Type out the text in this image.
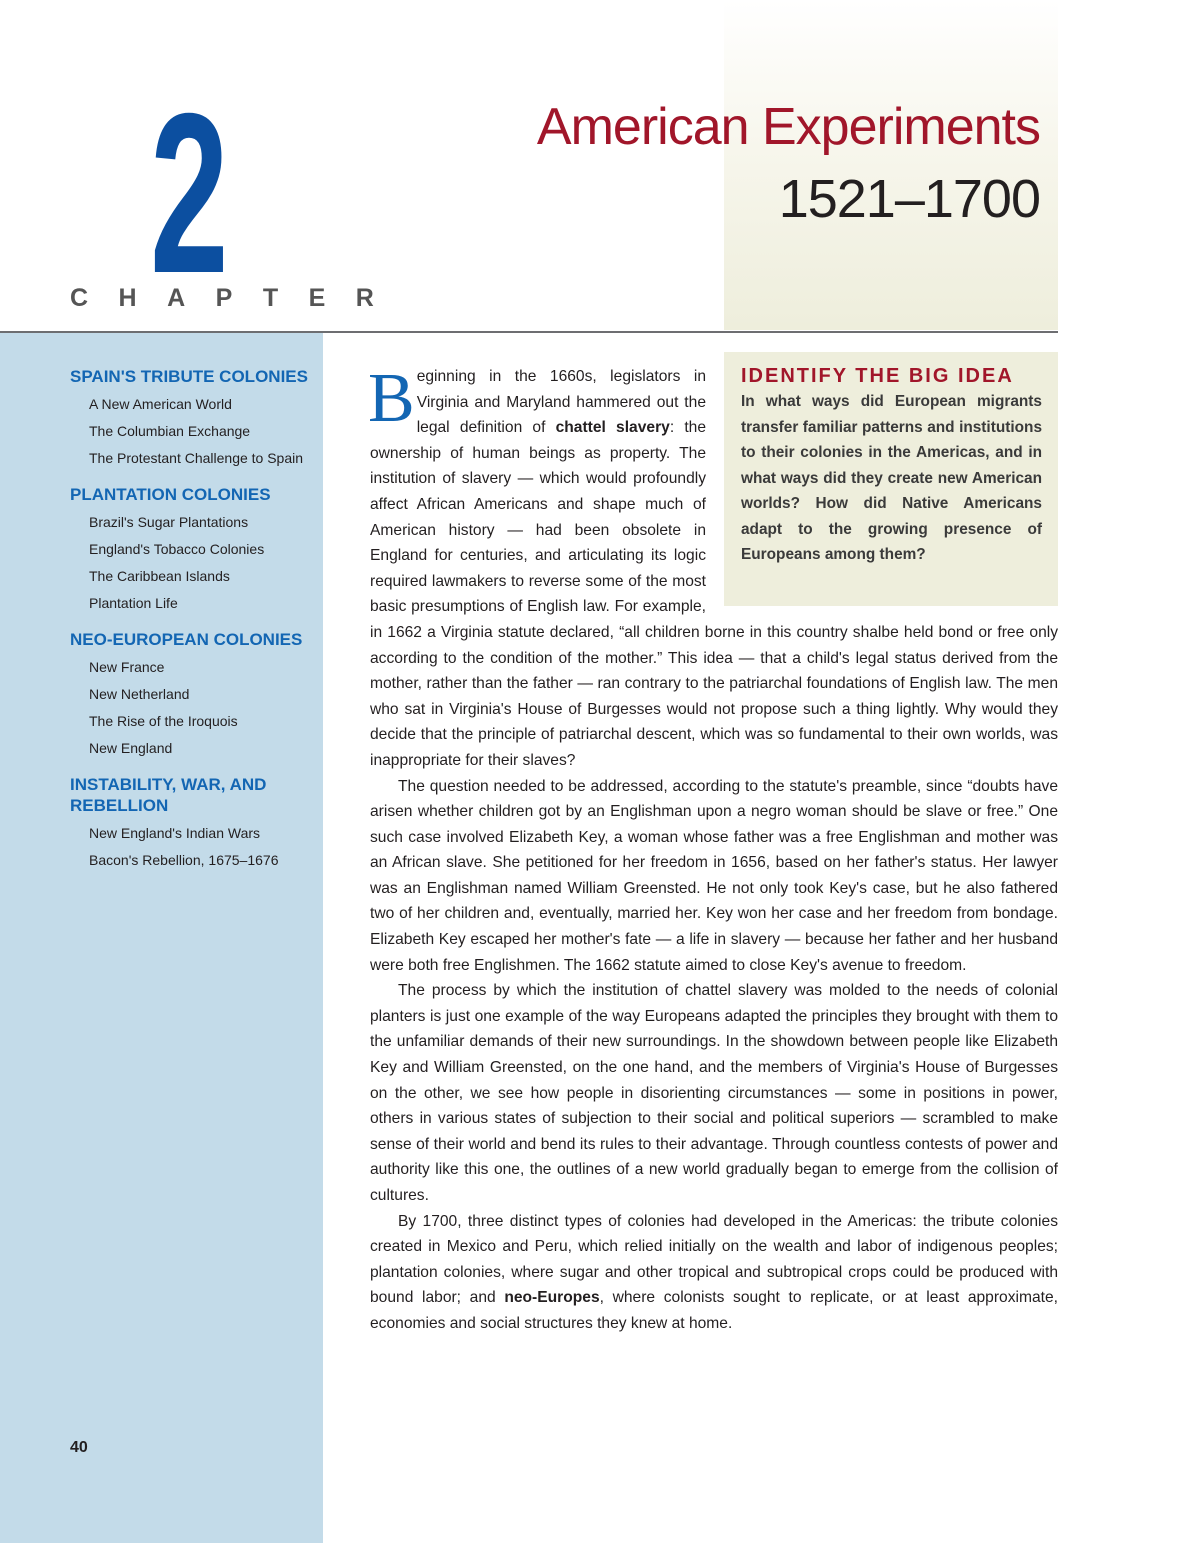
2
CHAPTER
American Experiments
1521–1700
SPAIN'S TRIBUTE COLONIES
A New American World
The Columbian Exchange
The Protestant Challenge to Spain
PLANTATION COLONIES
Brazil's Sugar Plantations
England's Tobacco Colonies
The Caribbean Islands
Plantation Life
NEO-EUROPEAN COLONIES
New France
New Netherland
The Rise of the Iroquois
New England
INSTABILITY, WAR, AND REBELLION
New England's Indian Wars
Bacon's Rebellion, 1675–1676
40
IDENTIFY THE BIG IDEA
In what ways did European migrants transfer familiar patterns and institutions to their colonies in the Americas, and in what ways did they create new American worlds? How did Native Americans adapt to the growing presence of Europeans among them?

Beginning in the 1660s, legislators in Virginia and Maryland hammered out the legal definition of chattel slavery: the ownership of human beings as property. The institution of slavery — which would profoundly affect African Americans and shape much of American history — had been obsolete in England for centuries, and articulating its logic required lawmakers to reverse some of the most basic presumptions of English law. For example, in 1662 a Virginia statute declared, “all children borne in this country shalbe held bond or free only according to the condition of the mother.” This idea — that a child's legal status derived from the mother, rather than the father — ran contrary to the patriarchal foundations of English law. The men who sat in Virginia's House of Burgesses would not propose such a thing lightly. Why would they decide that the principle of patriarchal descent, which was so fundamental to their own worlds, was inappropriate for their slaves?

The question needed to be addressed, according to the statute's preamble, since “doubts have arisen whether children got by an Englishman upon a negro woman should be slave or free.” One such case involved Elizabeth Key, a woman whose father was a free Englishman and mother was an African slave. She petitioned for her freedom in 1656, based on her father's status. Her lawyer was an Englishman named William Greensted. He not only took Key's case, but he also fathered two of her children and, eventually, married her. Key won her case and her freedom from bondage. Elizabeth Key escaped her mother's fate — a life in slavery — because her father and her husband were both free Englishmen. The 1662 statute aimed to close Key's avenue to freedom.

The process by which the institution of chattel slavery was molded to the needs of colonial planters is just one example of the way Europeans adapted the principles they brought with them to the unfamiliar demands of their new surroundings. In the showdown between people like Elizabeth Key and William Greensted, on the one hand, and the members of Virginia's House of Burgesses on the other, we see how people in disorienting circumstances — some in positions in power, others in various states of subjection to their social and political superiors — scrambled to make sense of their world and bend its rules to their advantage. Through countless contests of power and authority like this one, the outlines of a new world gradually began to emerge from the collision of cultures.

By 1700, three distinct types of colonies had developed in the Americas: the tribute colonies created in Mexico and Peru, which relied initially on the wealth and labor of indigenous peoples; plantation colonies, where sugar and other tropical and subtropical crops could be produced with bound labor; and neo-Europes, where colonists sought to replicate, or at least approximate, economies and social structures they knew at home.
